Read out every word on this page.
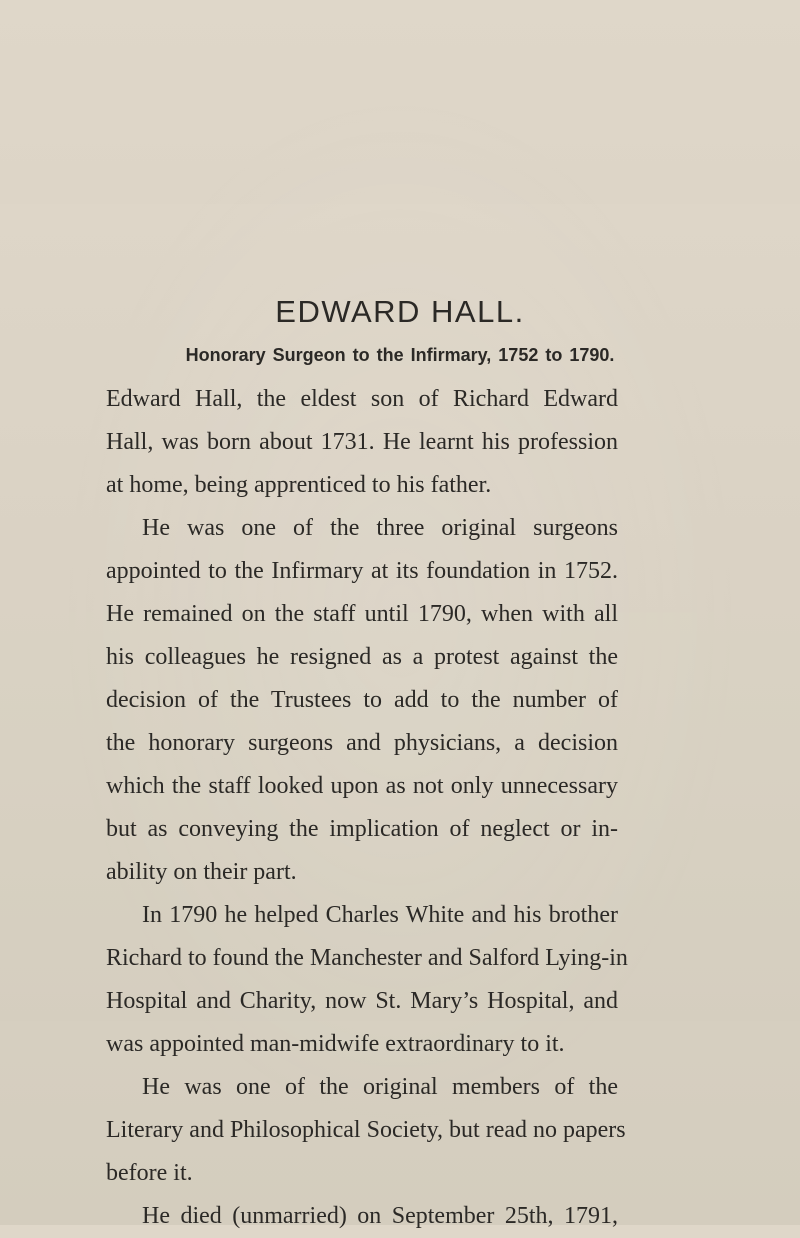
EDWARD HALL.
Honorary Surgeon to the Infirmary, 1752 to 1790.
Edward Hall, the eldest son of Richard Edward
Hall, was born about 1731. He learnt his profession
at home, being apprenticed to his father.
He was one of the three original surgeons
appointed to the Infirmary at its foundation in 1752.
He remained on the staff until 1790, when with all
his colleagues he resigned as a protest against the
decision of the Trustees to add to the number of
the honorary surgeons and physicians, a decision
which the staff looked upon as not only unnecessary
but as conveying the implication of neglect or in-
ability on their part.
In 1790 he helped Charles White and his brother
Richard to found the Manchester and Salford Lying-in
Hospital and Charity, now St. Mary’s Hospital, and
was appointed man-midwife extraordinary to it.
He was one of the original members of the
Literary and Philosophical Society, but read no papers
before it.
He died (unmarried) on September 25th, 1791,
